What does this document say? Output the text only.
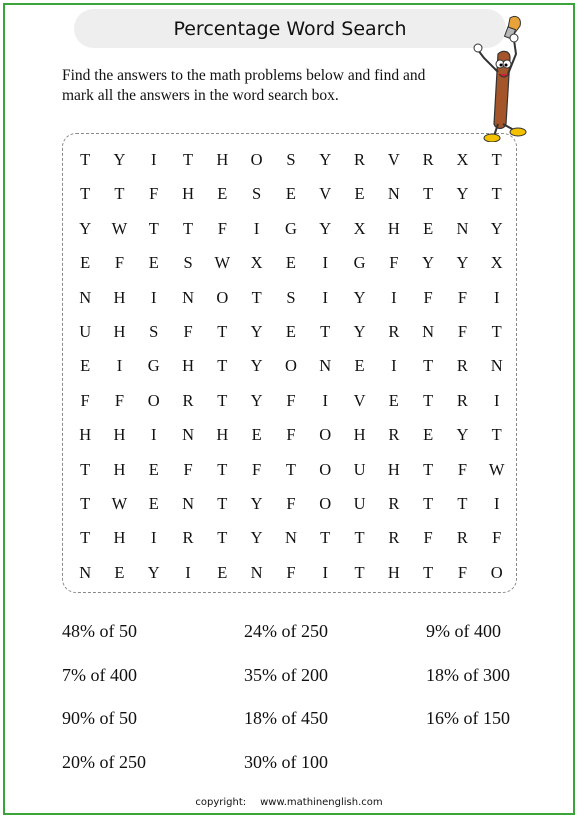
Percentage Word Search
Find the answers to the math problems below and find and mark all the answers in the word search box.
T	Y	I	T	H	O	S	Y	R	V	R	X	T
T	T	F	H	E	S	E	V	E	N	T	Y	T
Y	W	T	T	F	I	G	Y	X	H	E	N	Y
E	F	E	S	W	X	E	I	G	F	Y	Y	X
N	H	I	N	O	T	S	I	Y	I	F	F	I
U	H	S	F	T	Y	E	T	Y	R	N	F	T
E	I	G	H	T	Y	O	N	E	I	T	R	N
F	F	O	R	T	Y	F	I	V	E	T	R	I
H	H	I	N	H	E	F	O	H	R	E	Y	T
T	H	E	F	T	F	T	O	U	H	T	F	W
T	W	E	N	T	Y	F	O	U	R	T	T	I
T	H	I	R	T	Y	N	T	T	R	F	R	F
N	E	Y	I	E	N	F	I	T	H	T	F	O
48% of 50	24% of 250	9% of 400
7% of 400	35% of 200	18% of 300
90% of 50	18% of 450	16% of 150
20% of 250	30% of 100
copyright: www.mathinenglish.com
